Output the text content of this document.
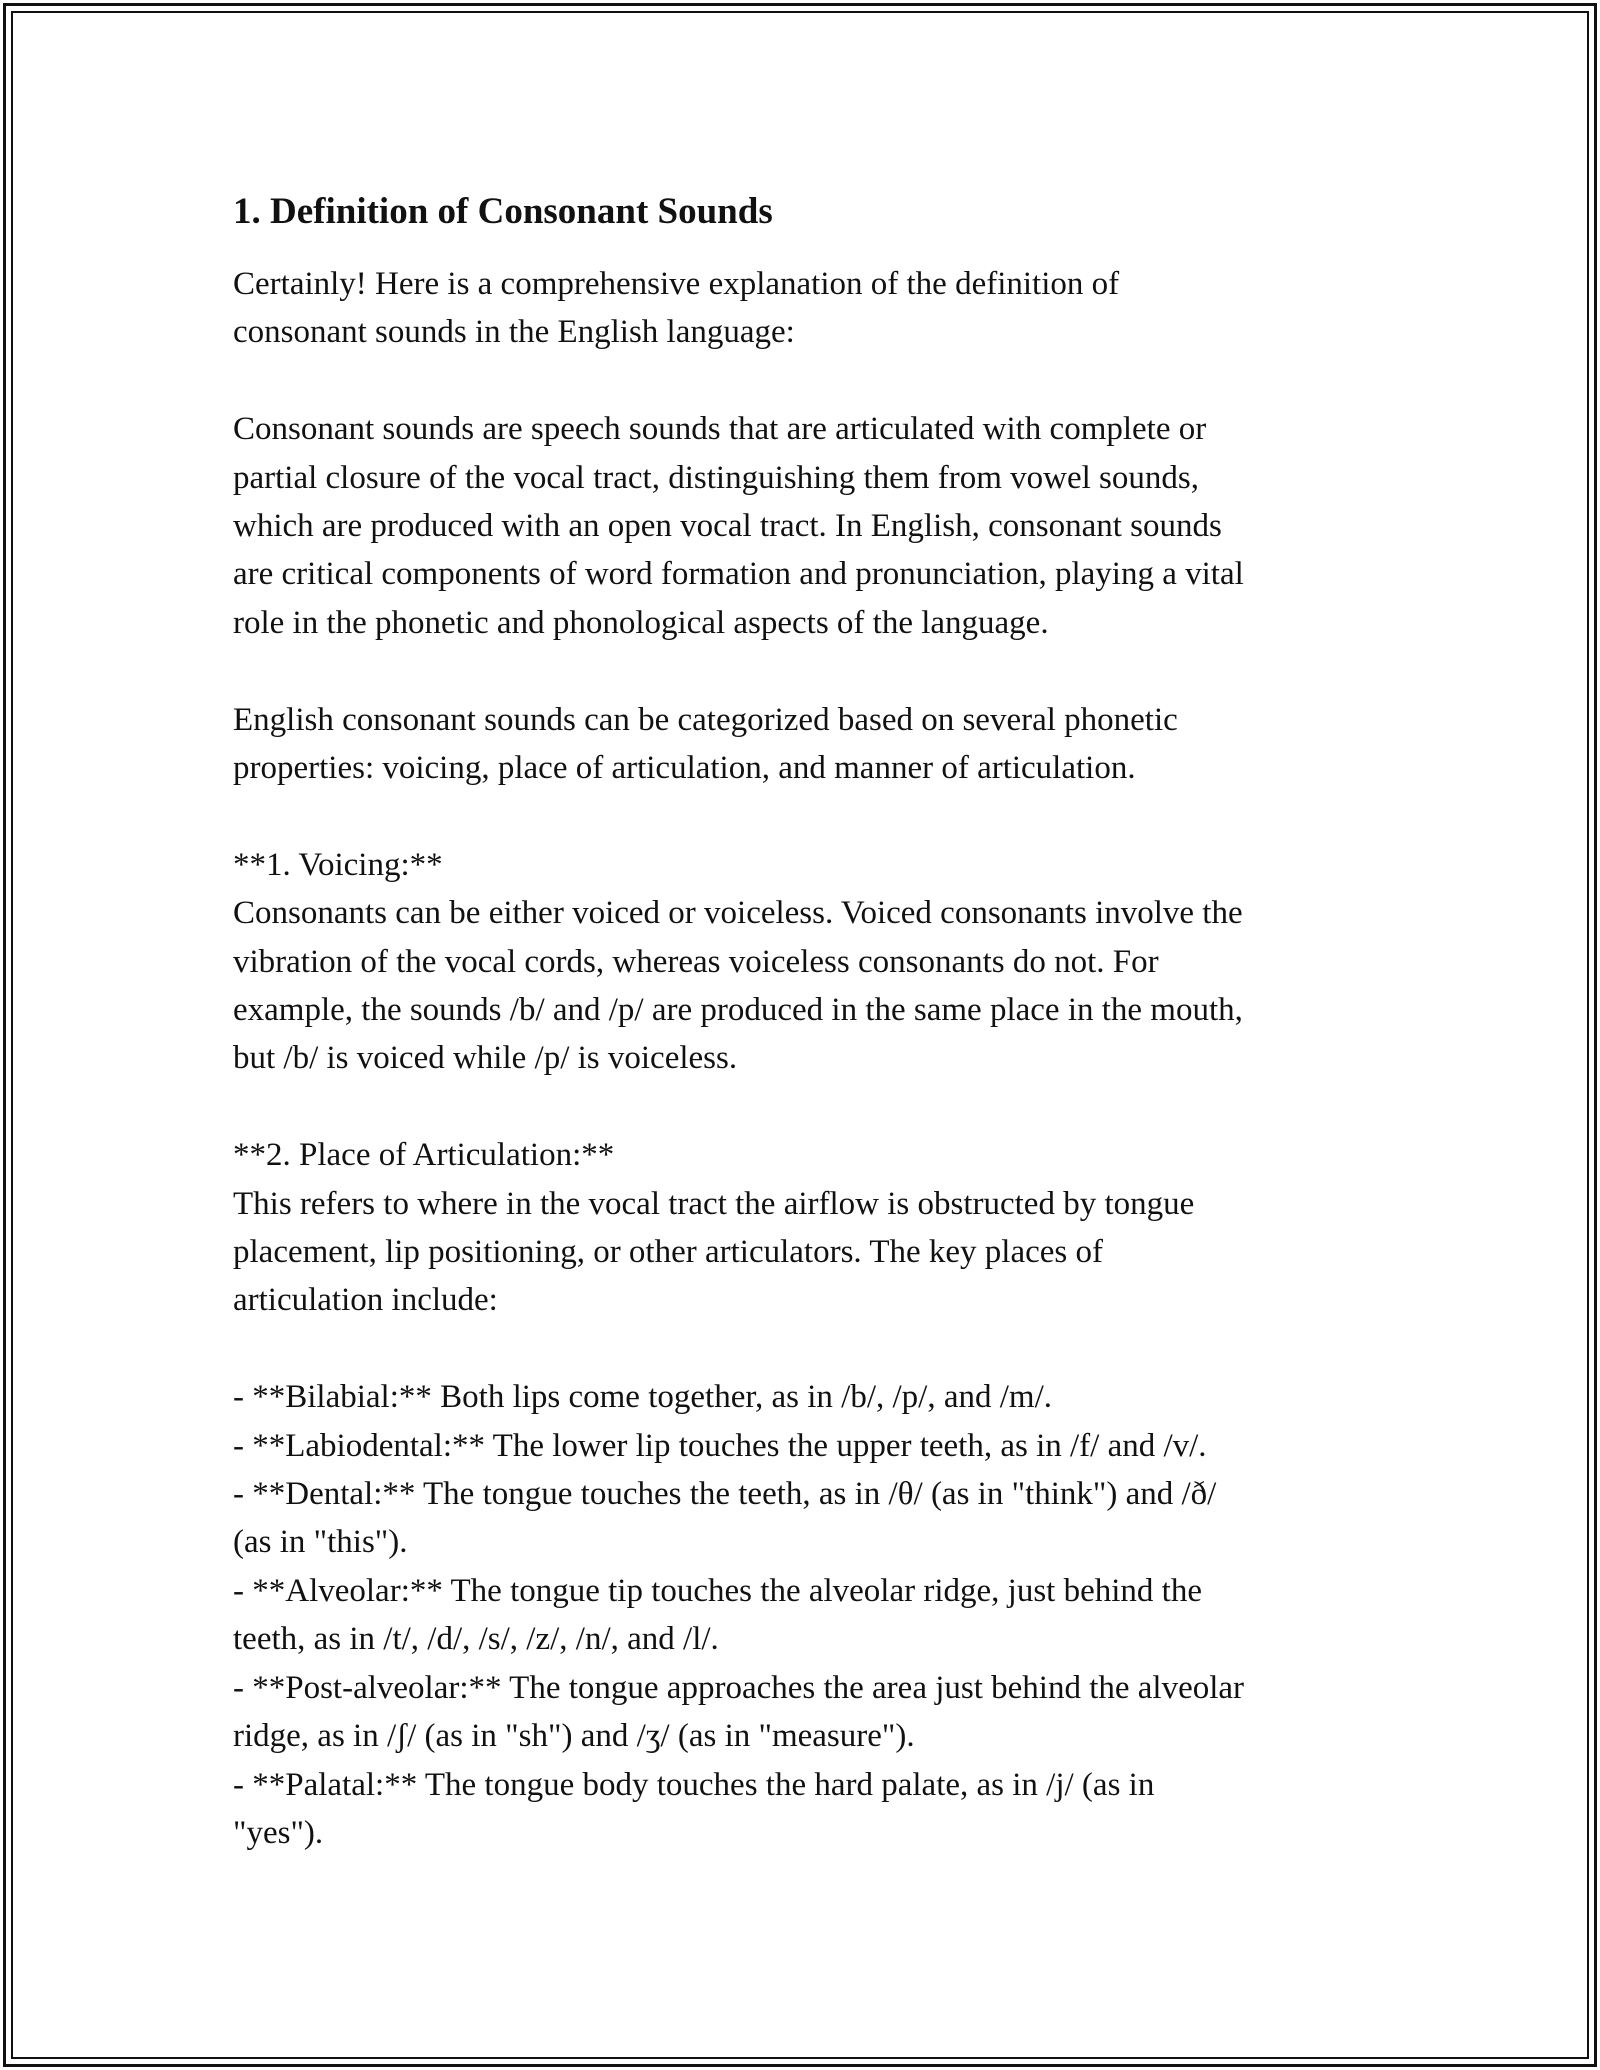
1. Definition of Consonant Sounds
Certainly! Here is a comprehensive explanation of the definition of
consonant sounds in the English language:
Consonant sounds are speech sounds that are articulated with complete or
partial closure of the vocal tract, distinguishing them from vowel sounds,
which are produced with an open vocal tract. In English, consonant sounds
are critical components of word formation and pronunciation, playing a vital
role in the phonetic and phonological aspects of the language.
English consonant sounds can be categorized based on several phonetic
properties: voicing, place of articulation, and manner of articulation.
**1. Voicing:**
Consonants can be either voiced or voiceless. Voiced consonants involve the
vibration of the vocal cords, whereas voiceless consonants do not. For
example, the sounds /b/ and /p/ are produced in the same place in the mouth,
but /b/ is voiced while /p/ is voiceless.
**2. Place of Articulation:**
This refers to where in the vocal tract the airflow is obstructed by tongue
placement, lip positioning, or other articulators. The key places of
articulation include:
- **Bilabial:** Both lips come together, as in /b/, /p/, and /m/.
- **Labiodental:** The lower lip touches the upper teeth, as in /f/ and /v/.
- **Dental:** The tongue touches the teeth, as in /θ/ (as in "think") and /ð/
(as in "this").
- **Alveolar:** The tongue tip touches the alveolar ridge, just behind the
teeth, as in /t/, /d/, /s/, /z/, /n/, and /l/.
- **Post-alveolar:** The tongue approaches the area just behind the alveolar
ridge, as in /ʃ/ (as in "sh") and /ʒ/ (as in "measure").
- **Palatal:** The tongue body touches the hard palate, as in /j/ (as in
"yes").
